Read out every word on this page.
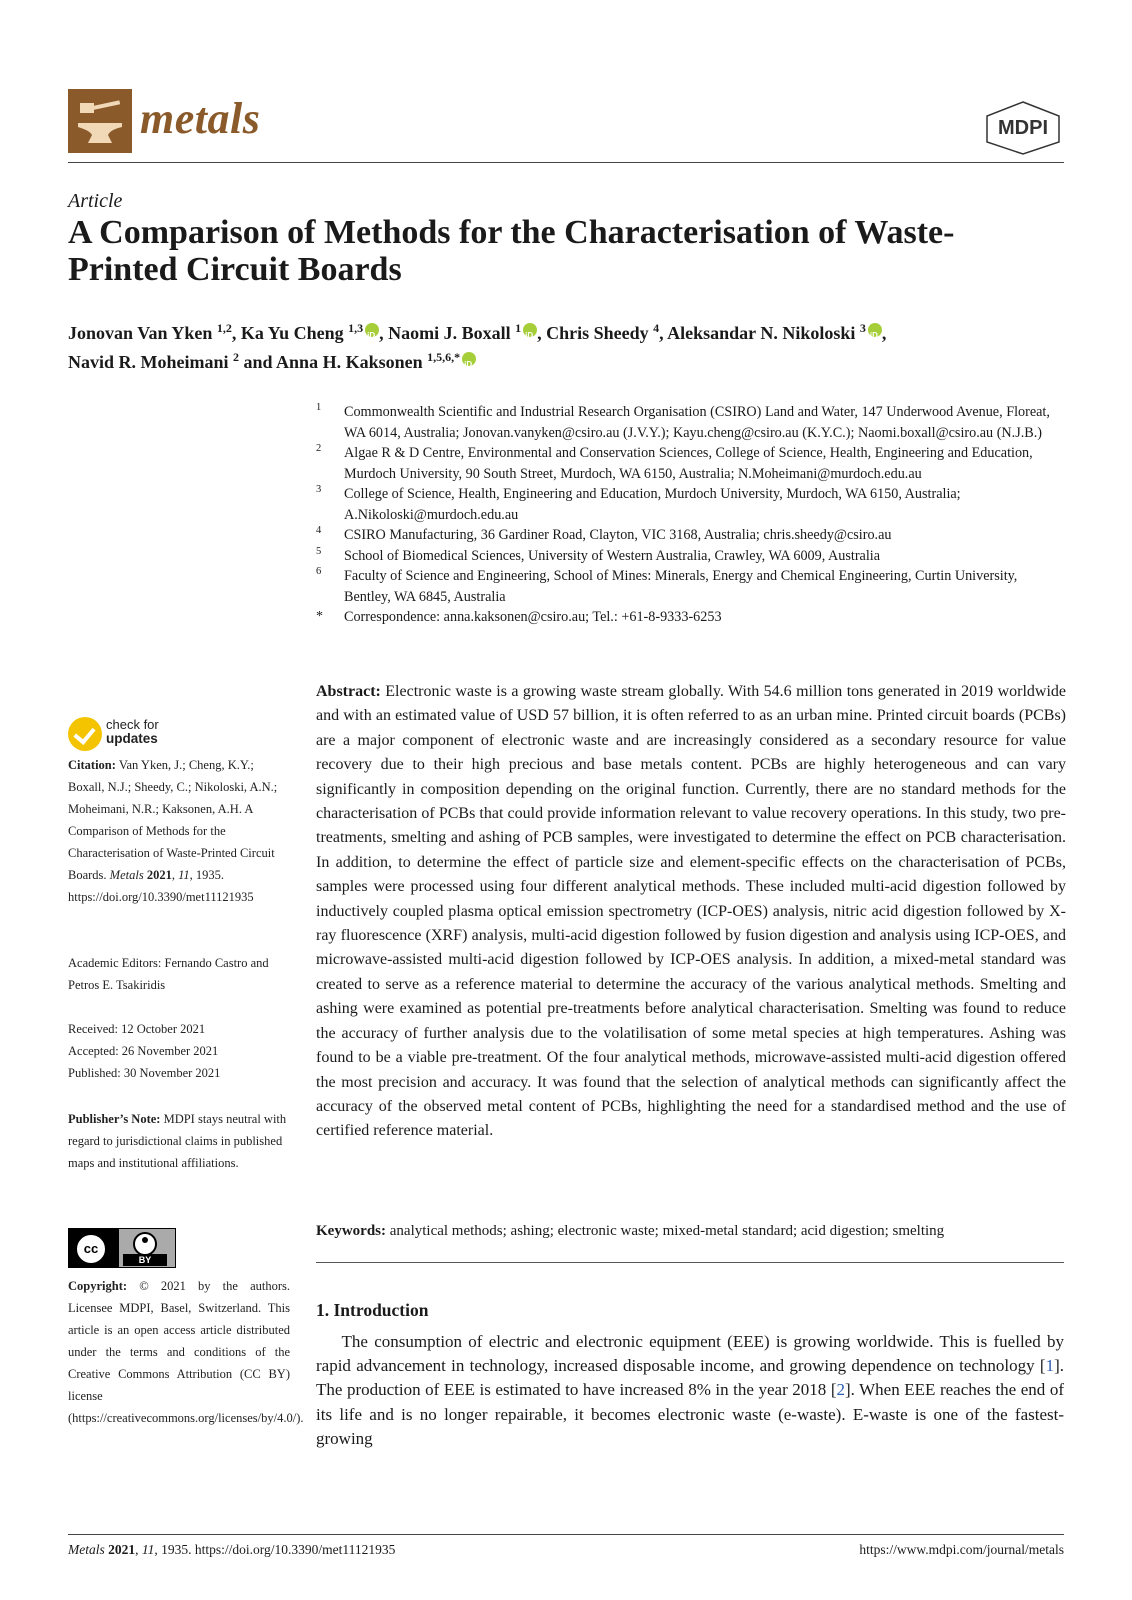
metals	MDPI
Article
A Comparison of Methods for the Characterisation of Waste-Printed Circuit Boards
Jonovan Van Yken $^{1,2}$, Ka Yu Cheng $^{1,3}$ iD , Naomi J. Boxall $^1$ iD , Chris Sheedy $^4$, Aleksandar N. Nikoloski $^3$iD ,
Navid R. Moheimani $^2$ and Anna H. Kaksonen $^{1,5,6,*}$iD
1 Commonwealth Scientific and Industrial Research Organisation (CSIRO) Land and Water, 147 Underwood Avenue, Floreat, WA 6014, Australia; Jonovan.vanyken@csiro.au (J.V.Y.); Kayu.cheng@csiro.au (K.Y.C.); Naomi.boxall@csiro.au (N.J.B.)
2 Algae R & D Centre, Environmental and Conservation Sciences, College of Science, Health, Engineering and Education, Murdoch University, 90 South Street, Murdoch, WA 6150, Australia; N.Moheimani@murdoch.edu.au
3 College of Science, Health, Engineering and Education, Murdoch University, Murdoch, WA 6150, Australia; A.Nikoloski@murdoch.edu.au
4 CSIRO Manufacturing, 36 Gardiner Road, Clayton, VIC 3168, Australia; chris.sheedy@csiro.au
5 School of Biomedical Sciences, University of Western Australia, Crawley, WA 6009, Australia
6 Faculty of Science and Engineering, School of Mines: Minerals, Energy and Chemical Engineering, Curtin University, Bentley, WA 6845, Australia
* Correspondence: anna.kaksonen@csiro.au; Tel.: +61-8-9333-6253
check for
updates
Citation: Van Yken, J.; Cheng, K.Y.; Boxall, N.J.; Sheedy, C.; Nikoloski, A.N.; Moheimani, N.R.; Kaksonen, A.H. A Comparison of Methods for the Characterisation of Waste-Printed Circuit Boards. Metals 2021, 11, 1935. https://doi.org/10.3390/met11121935
Academic Editors: Fernando Castro and Petros E. Tsakiridis
Received: 12 October 2021
Accepted: 26 November 2021
Published: 30 November 2021
Publisher’s Note: MDPI stays neutral with regard to jurisdictional claims in published maps and institutional affiliations.
cc
BY
Copyright: © 2021 by the authors. Licensee MDPI, Basel, Switzerland. This article is an open access article distributed under the terms and conditions of the Creative Commons Attribution (CC BY) license (https://creativecommons.org/licenses/by/4.0/).
Abstract: Electronic waste is a growing waste stream globally. With 54.6 million tons generated in 2019 worldwide and with an estimated value of USD 57 billion, it is often referred to as an urban mine. Printed circuit boards (PCBs) are a major component of electronic waste and are increasingly considered as a secondary resource for value recovery due to their high precious and base metals content. PCBs are highly heterogeneous and can vary significantly in composition depending on the original function. Currently, there are no standard methods for the characterisation of PCBs that could provide information relevant to value recovery operations. In this study, two pre-treatments, smelting and ashing of PCB samples, were investigated to determine the effect on PCB characterisation. In addition, to determine the effect of particle size and element-specific effects on the characterisation of PCBs, samples were processed using four different analytical methods. These included multi-acid digestion followed by inductively coupled plasma optical emission spectrometry (ICP-OES) analysis, nitric acid digestion followed by X-ray fluorescence (XRF) analysis, multi-acid digestion followed by fusion digestion and analysis using ICP-OES, and microwave-assisted multi-acid digestion followed by ICP-OES analysis. In addition, a mixed-metal standard was created to serve as a reference material to determine the accuracy of the various analytical methods. Smelting and ashing were examined as potential pre-treatments before analytical characterisation. Smelting was found to reduce the accuracy of further analysis due to the volatilisation of some metal species at high temperatures. Ashing was found to be a viable pre-treatment. Of the four analytical methods, microwave-assisted multi-acid digestion offered the most precision and accuracy. It was found that the selection of analytical methods can significantly affect the accuracy of the observed metal content of PCBs, highlighting the need for a standardised method and the use of certified reference material.
Keywords: analytical methods; ashing; electronic waste; mixed-metal standard; acid digestion; smelting
1. Introduction
  The consumption of electric and electronic equipment (EEE) is growing worldwide. This is fuelled by rapid advancement in technology, increased disposable income, and growing dependence on technology [1]. The production of EEE is estimated to have increased 8% in the year 2018 [2]. When EEE reaches the end of its life and is no longer repairable, it becomes electronic waste (e-waste). E-waste is one of the fastest-growing
Metals 2021, 11, 1935. https://doi.org/10.3390/met11121935	https://www.mdpi.com/journal/metals
